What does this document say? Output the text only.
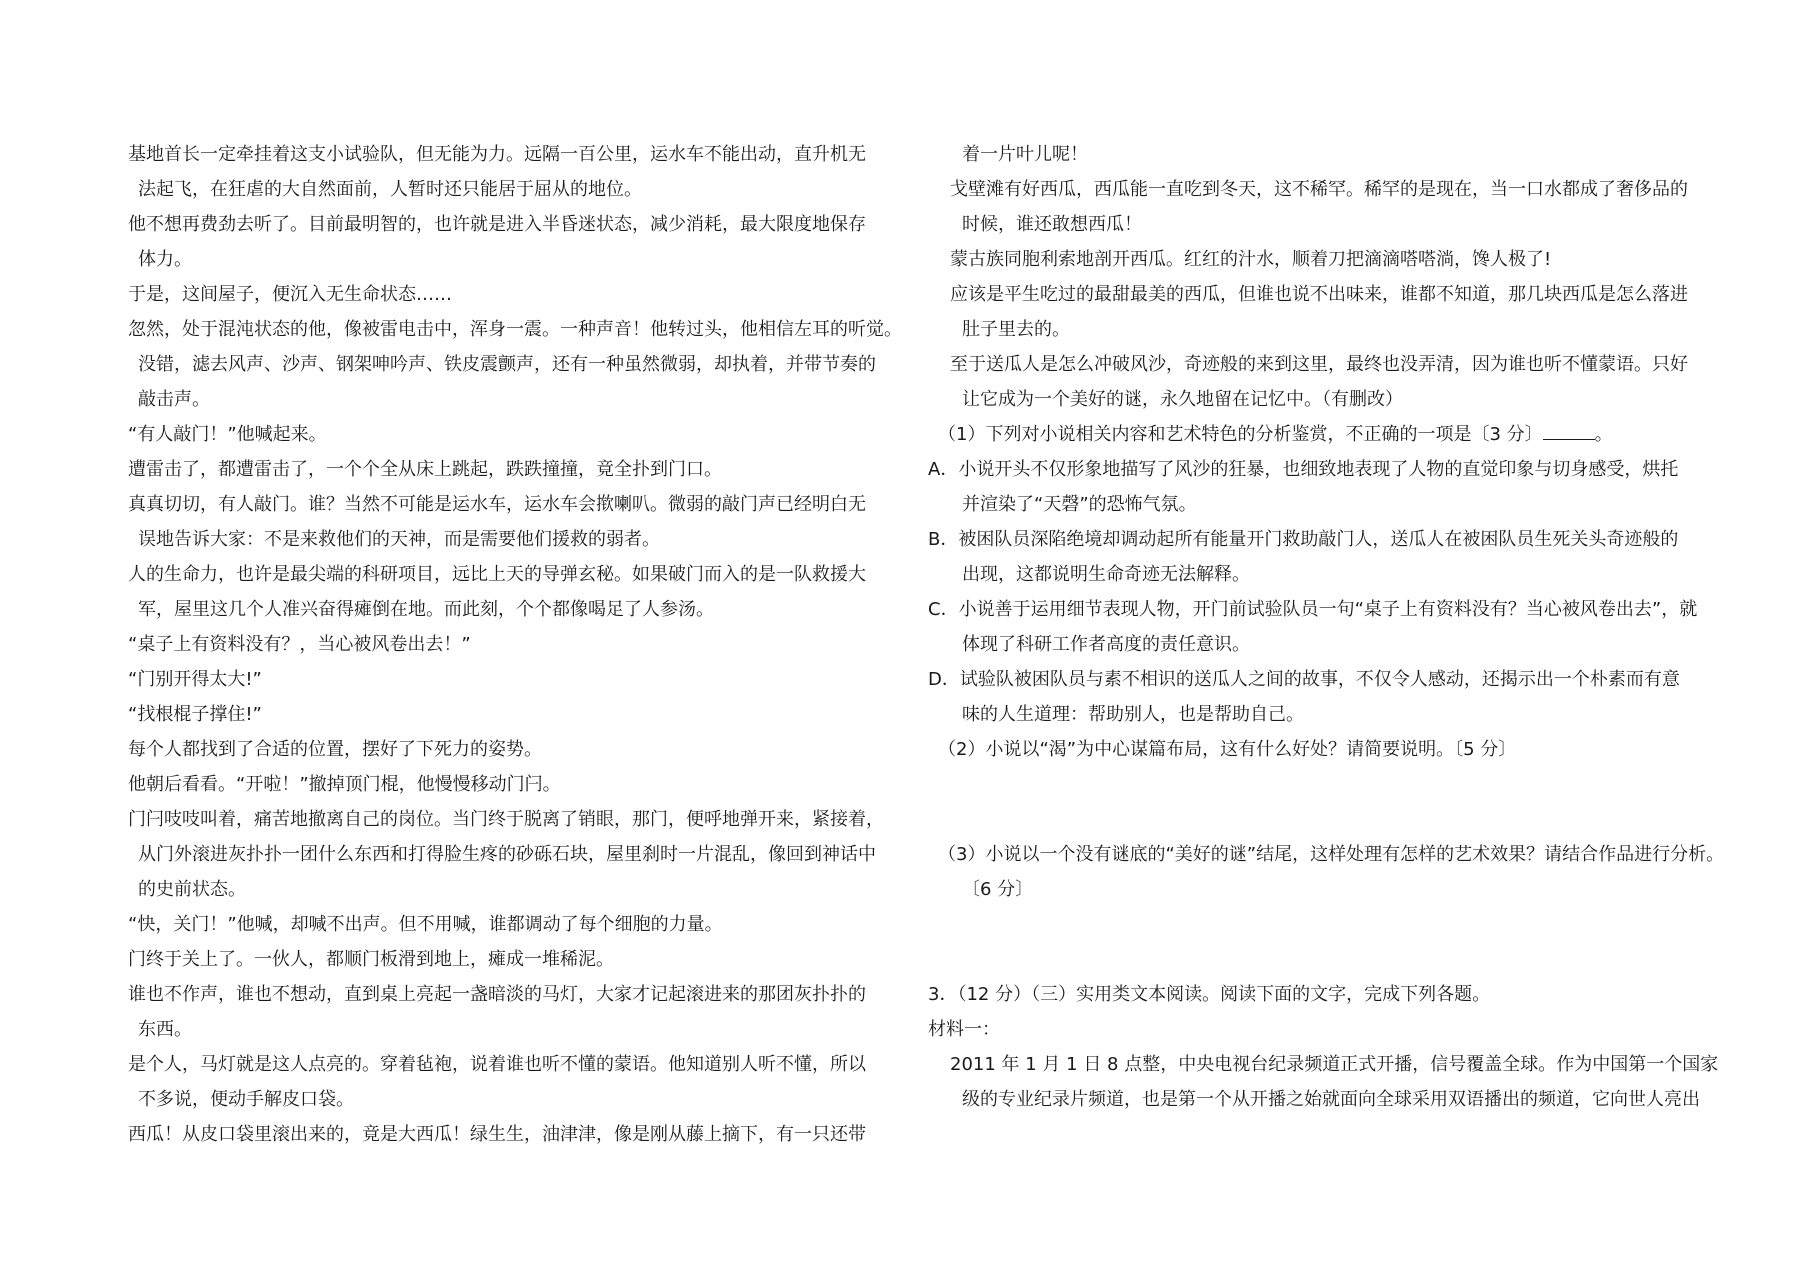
基地首长一定牵挂着这支小试验队，但无能为力。远隔一百公里，运水车不能出动，直升机无
法起飞，在狂虐的大自然面前，人暂时还只能居于屈从的地位。
他不想再费劲去听了。目前最明智的，也许就是进入半昏迷状态，减少消耗，最大限度地保存
体力。
于是，这间屋子，便沉入无生命状态……
忽然，处于混沌状态的他，像被雷电击中，浑身一震。一种声音！他转过头，他相信左耳的听觉。
没错，滤去风声、沙声、钢架呻吟声、铁皮震颤声，还有一种虽然微弱，却执着，并带节奏的
敲击声。
“有人敲门！”他喊起来。
遭雷击了，都遭雷击了，一个个全从床上跳起，跌跌撞撞，竟全扑到门口。
真真切切，有人敲门。谁？当然不可能是运水车，运水车会揿喇叭。微弱的敲门声已经明白无
误地告诉大家：不是来救他们的天神，而是需要他们援救的弱者。
人的生命力，也许是最尖端的科研项目，远比上天的导弹玄秘。如果破门而入的是一队救援大
军，屋里这几个人准兴奋得瘫倒在地。而此刻，个个都像喝足了人参汤。
“桌子上有资料没有？，当心被风卷出去！”
“门别开得太大!”
“找根棍子撑住!”
每个人都找到了合适的位置，摆好了下死力的姿势。
他朝后看看。“开啦！”撤掉顶门棍，他慢慢移动门闩。
门闩吱吱叫着，痛苦地撤离自己的岗位。当门终于脱离了销眼，那门，便呼地弹开来，紧接着，
从门外滚进灰扑扑一团什么东西和打得脸生疼的砂砾石块，屋里刹时一片混乱，像回到神话中
的史前状态。
“快，关门！”他喊，却喊不出声。但不用喊，谁都调动了每个细胞的力量。
门终于关上了。一伙人，都顺门板滑到地上，瘫成一堆稀泥。
谁也不作声，谁也不想动，直到桌上亮起一盏暗淡的马灯，大家才记起滚进来的那团灰扑扑的
东西。
是个人，马灯就是这人点亮的。穿着毡袍，说着谁也听不懂的蒙语。他知道别人听不懂，所以
不多说，便动手解皮口袋。
西瓜！从皮口袋里滚出来的，竟是大西瓜！绿生生，油津津，像是刚从藤上摘下，有一只还带
着一片叶儿呢！
戈壁滩有好西瓜，西瓜能一直吃到冬天，这不稀罕。稀罕的是现在，当一口水都成了奢侈品的
时候，谁还敢想西瓜！
蒙古族同胞利索地剖开西瓜。红红的汁水，顺着刀把滴滴嗒嗒淌，馋人极了!
应该是平生吃过的最甜最美的西瓜，但谁也说不出味来，谁都不知道，那几块西瓜是怎么落进
肚子里去的。
至于送瓜人是怎么冲破风沙，奇迹般的来到这里，最终也没弄清，因为谁也听不懂蒙语。只好
让它成为一个美好的谜，永久地留在记忆中。（有删改）
（1）下列对小说相关内容和艺术特色的分析鉴赏，不正确的一项是〔3 分〕	。
A．小说开头不仅形象地描写了风沙的狂暴，也细致地表现了人物的直觉印象与切身感受，烘托
并渲染了“天磬”的恐怖气氛。
B．被困队员深陷绝境却调动起所有能量开门救助敲门人，送瓜人在被困队员生死关头奇迹般的
出现，这都说明生命奇迹无法解释。
C．小说善于运用细节表现人物，开门前试验队员一句“桌子上有资料没有？当心被风卷出去”，就
体现了科研工作者高度的责任意识。
D．试验队被困队员与素不相识的送瓜人之间的故事，不仅令人感动，还揭示出一个朴素而有意
味的人生道理：帮助别人，也是帮助自己。
（2）小说以“渴”为中心谋篇布局，这有什么好处？请简要说明。〔5 分〕
（3）小说以一个没有谜底的“美好的谜”结尾，这样处理有怎样的艺术效果？请结合作品进行分析。
〔6 分〕
3．（12 分）（三）实用类文本阅读。阅读下面的文字，完成下列各题。
材料一：
2011 年 1 月 1 日 8 点整，中央电视台纪录频道正式开播，信号覆盖全球。作为中国第一个国家
级的专业纪录片频道，也是第一个从开播之始就面向全球采用双语播出的频道，它向世人亮出
